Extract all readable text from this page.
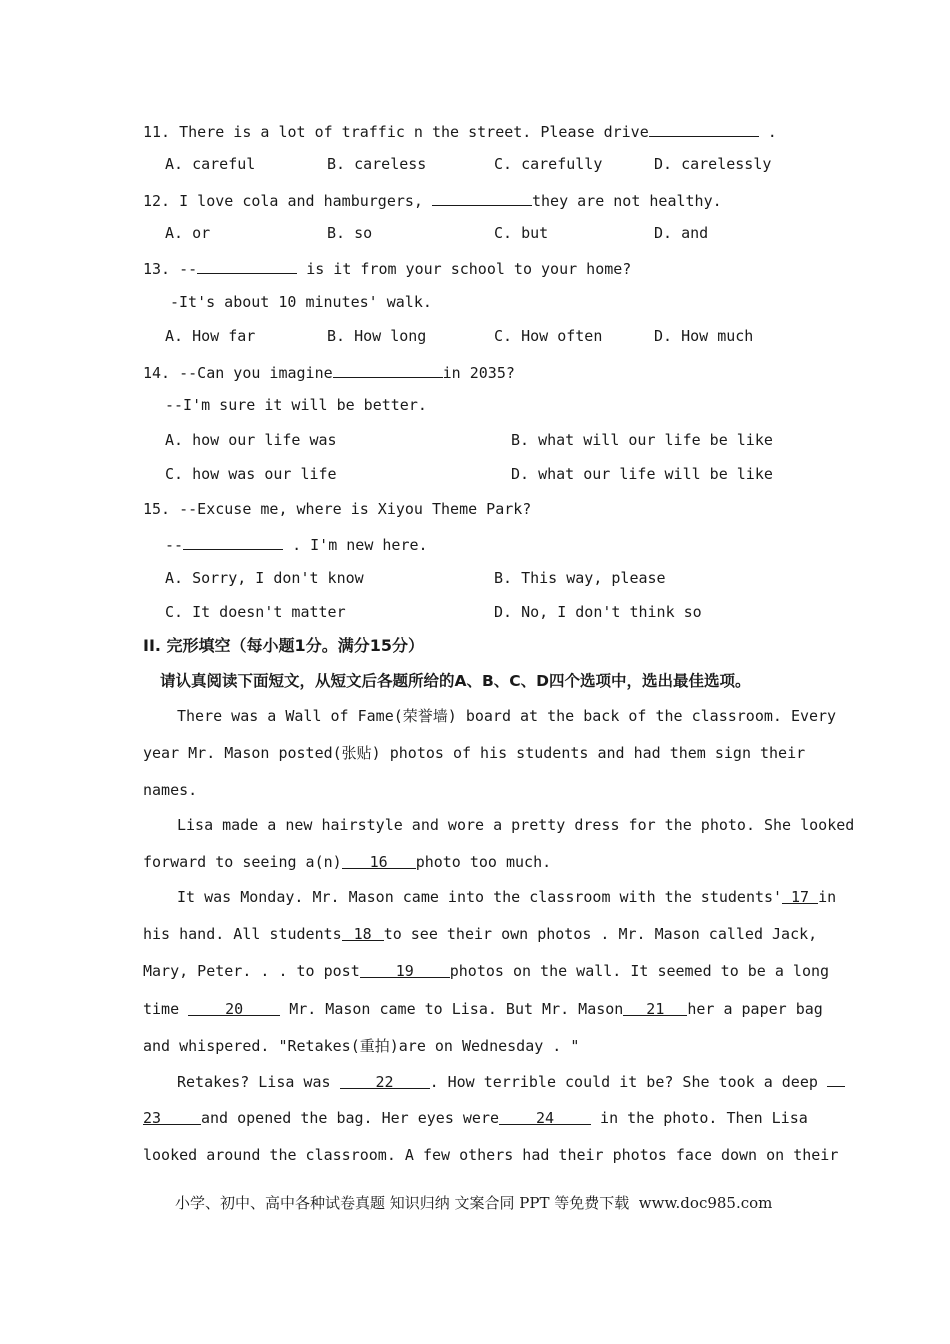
11. There is a lot of traffic n the street. Please drive	.
A. careful	B. careless	C. carefully	D. carelessly
12. I love cola and hamburgers,	they are not healthy.
A. or	B. so	C. but	D. and
13. --	is it from your school to your home?
-It's about 10 minutes' walk.
A. How far	B. How long	C. How often	D. How much
14. --Can you imagine	in 2035?
--I'm sure it will be better.
A. how our life was	B. what will our life be like
C. how was our life	D. what our life will be like
15. --Excuse me, where is Xiyou Theme Park?
--	. I'm new here.
A. Sorry, I don't know	B. This way, please
C. It doesn't matter	D. No, I don't think so
II. 完形填空（每小题1分。满分15分）
请认真阅读下面短文，从短文后各题所给的A、B、C、D四个选项中，选出最佳选项。
There was a Wall of Fame(荣誉墙) board at the back of the classroom. Every
year Mr. Mason posted(张贴) photos of his students and had them sign their
names.
Lisa made a new hairstyle and wore a pretty dress for the photo. She looked
forward to seeing a(n) 16 photo too much.
It was Monday. Mr. Mason came into the classroom with the students' 17 in
his hand. All students 18 to see their own photos . Mr. Mason called Jack,
Mary, Peter. . . to post 19 photos on the wall. It seemed to be a long
time	20	Mr. Mason came to Lisa. But Mr. Mason 21 her a paper bag
and whispered. "Retakes(重拍)are on Wednesday . "
Retakes? Lisa was	22 . How terrible could it be? She took a deep
23	and opened the bag. Her eyes were 24 in the photo. Then Lisa
looked around the classroom. A few others had their photos face down on their
小学、初中、高中各种试卷真题 知识归纳 文案合同 PPT 等免费下载  www.doc985.com
